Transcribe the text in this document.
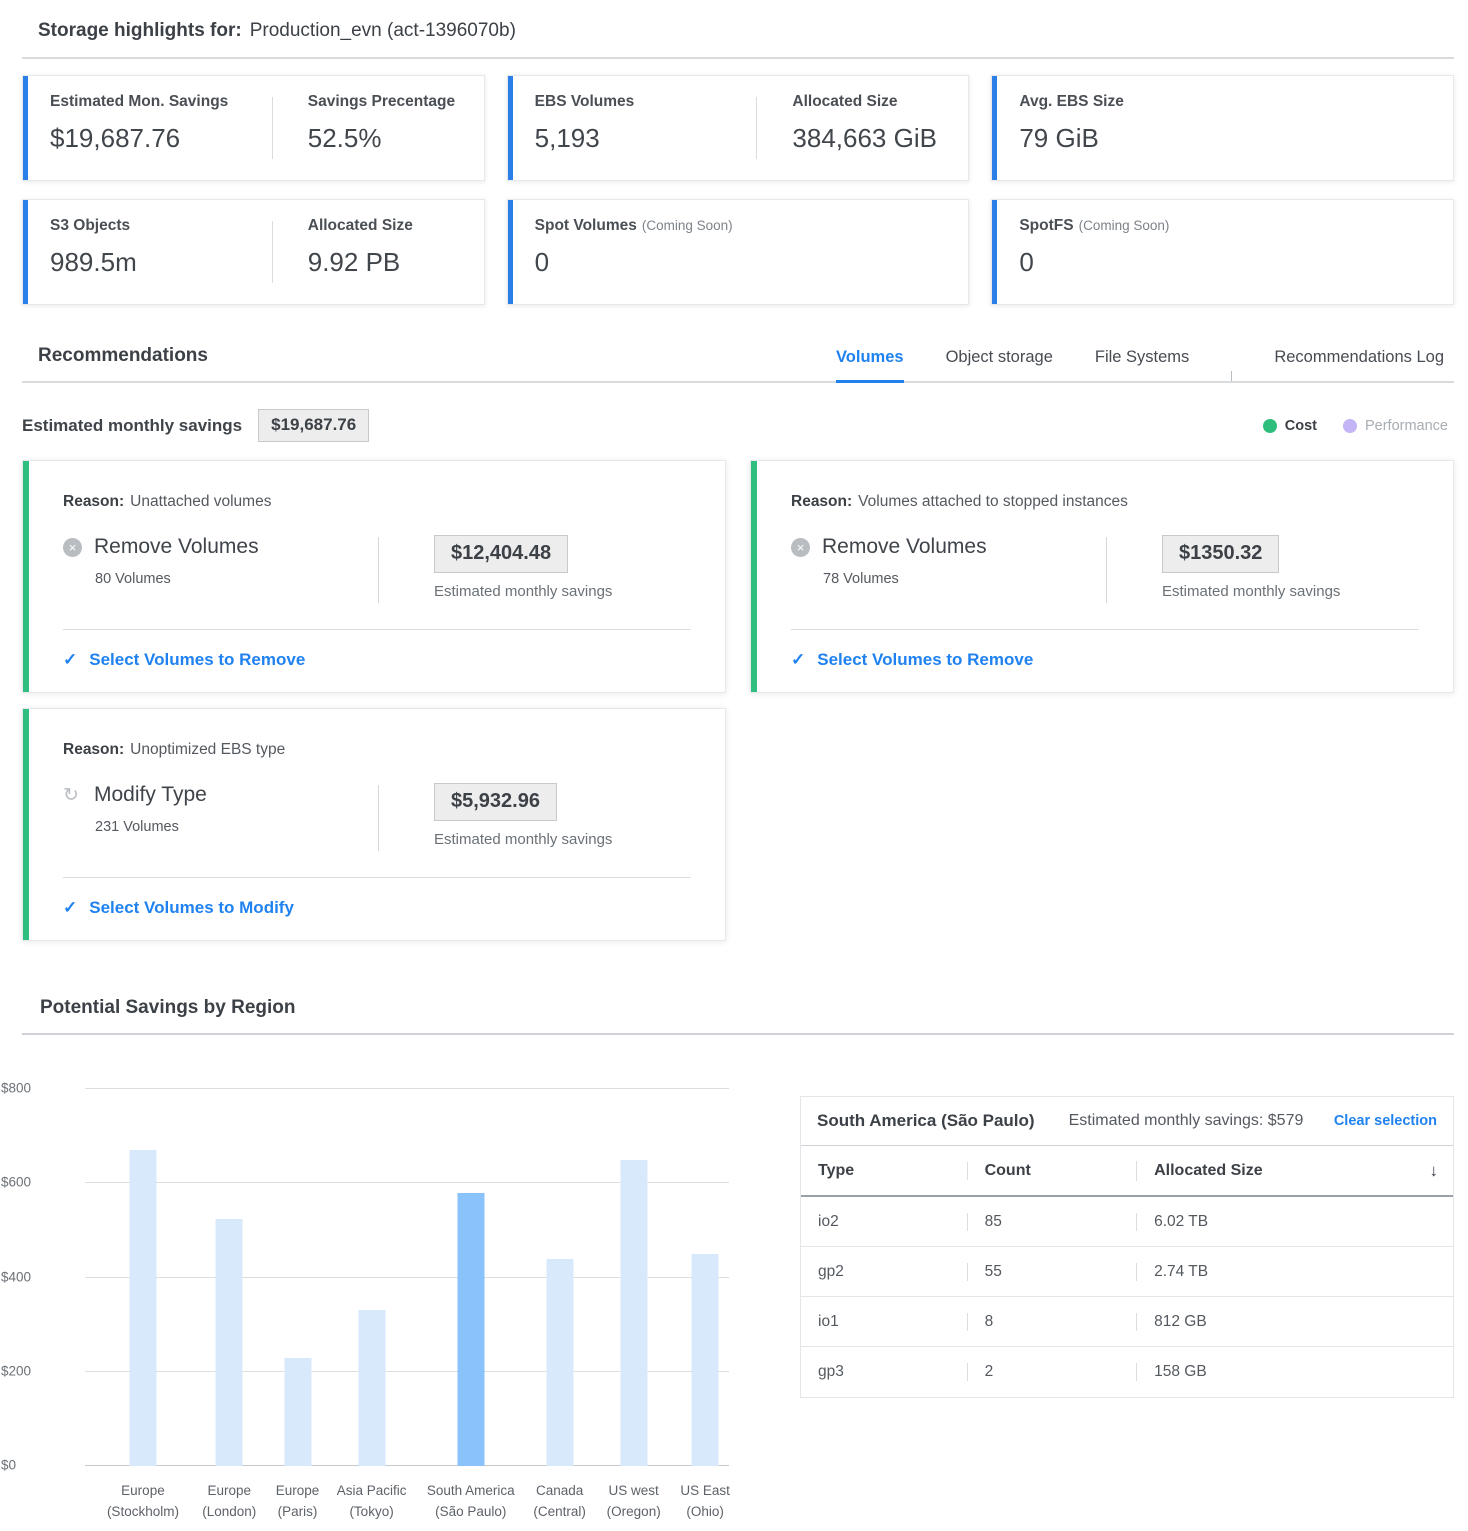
Storage highlights for: Production_evn (act-1396070b)
Estimated Mon. Savings
$19,687.76
Savings Precentage
52.5%
EBS Volumes
5,193
Allocated Size
384,663 GiB
Avg. EBS Size
79 GiB
S3 Objects
989.5m
Allocated Size
9.92 PB
Spot Volumes (Coming Soon)
0
SpotFS (Coming Soon)
0
Recommendations	Volumes	Object storage	File Systems	Recommendations Log
Estimated monthly savings	$19,687.76	Cost	Performance
Reason: Unattached volumes
× Remove Volumes
80 Volumes
$12,404.48
Estimated monthly savings
✓ Select Volumes to Remove
Reason: Volumes attached to stopped instances
× Remove Volumes
78 Volumes
$1350.32
Estimated monthly savings
✓ Select Volumes to Remove
Reason: Unoptimized EBS type
↻ Modify Type
231 Volumes
$5,932.96
Estimated monthly savings
✓ Select Volumes to Modify
Potential Savings by Region
$0
$200
$400
$600
$800
Europe
(Stockholm)
Europe
(London)
Europe
(Paris)
Asia Pacific
(Tokyo)
South America
(São Paulo)
Canada
(Central)
US west
(Oregon)
US East
(Ohio)
South America (São Paulo) Estimated monthly savings: $579 Clear selection
Type	Count	Allocated Size	↓
io2	85	6.02 TB
gp2	55	2.74 TB
io1	8	812 GB
gp3	2	158 GB
